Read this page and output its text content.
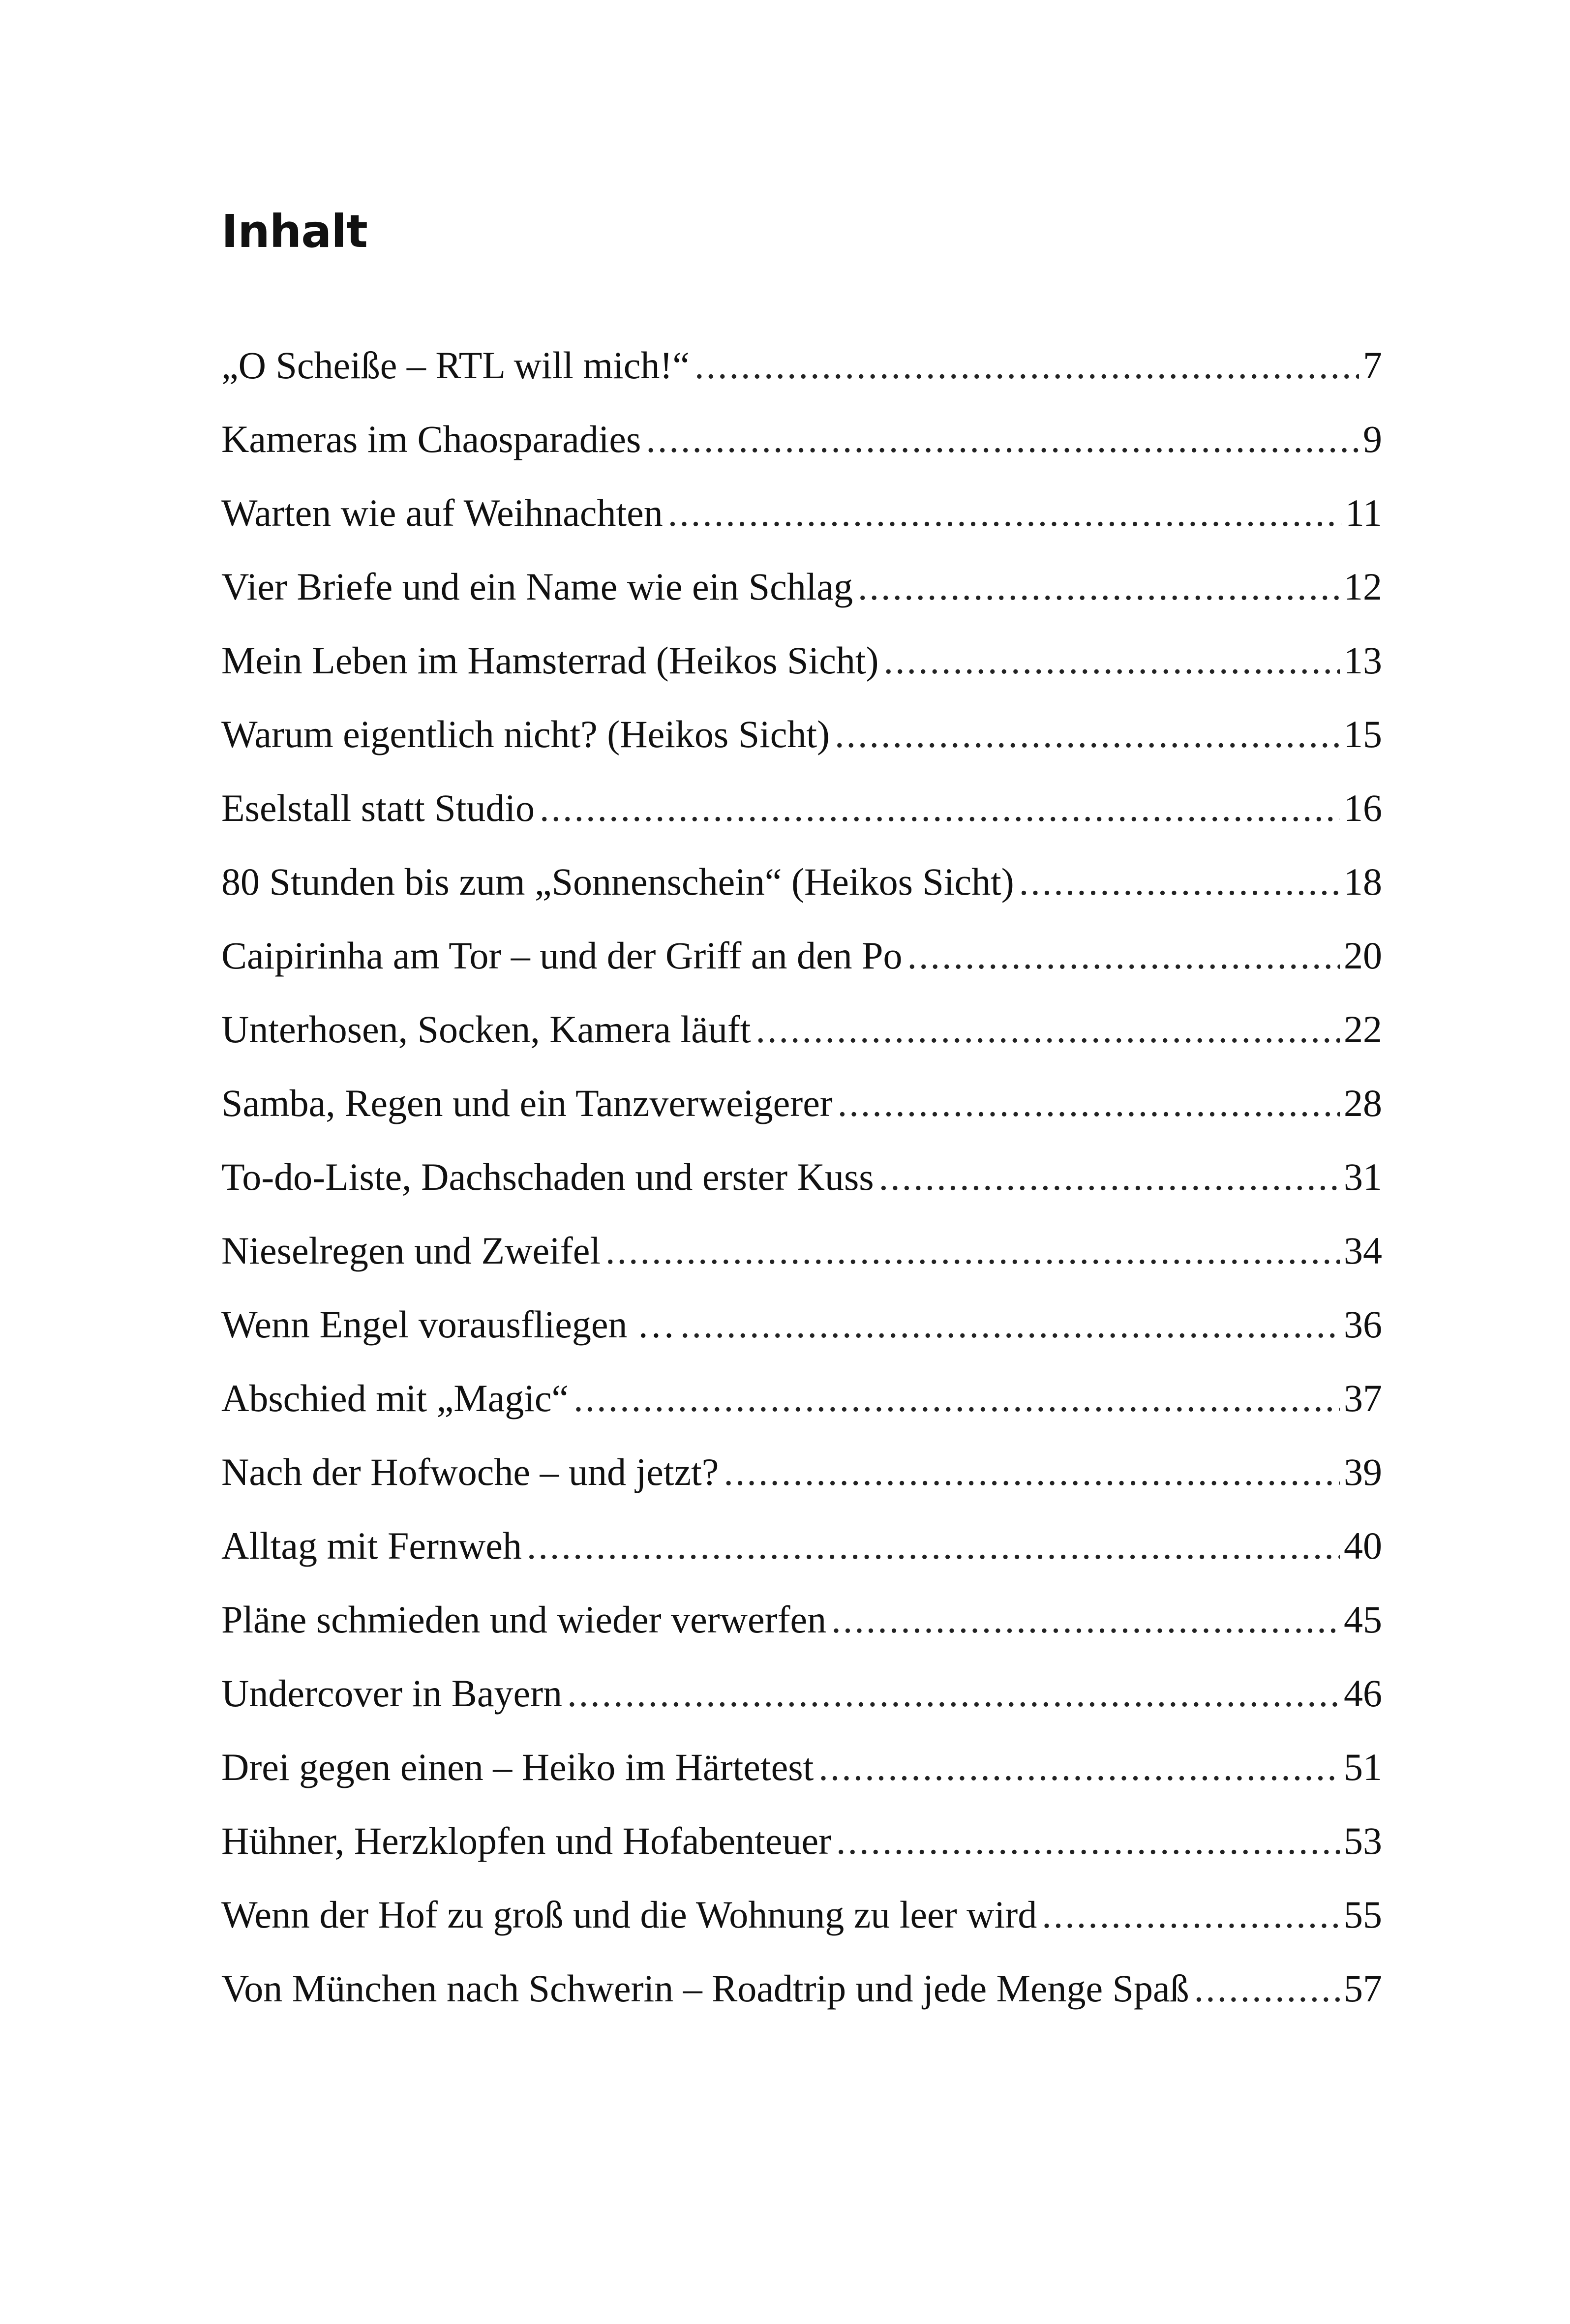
Inhalt
„O Scheiße – RTL will mich!“ .....	7
Kameras im Chaosparadies .....	9
Warten wie auf Weihnachten .....	11
Vier Briefe und ein Name wie ein Schlag .....	12
Mein Leben im Hamsterrad (Heikos Sicht) .....	13
Warum eigentlich nicht? (Heikos Sicht) .....	15
Eselstall statt Studio .....	16
80 Stunden bis zum „Sonnenschein“ (Heikos Sicht) .....	18
Caipirinha am Tor – und der Griff an den Po .....	20
Unterhosen, Socken, Kamera läuft .....	22
Samba, Regen und ein Tanzverweigerer .....	28
To-do-Liste, Dachschaden und erster Kuss .....	31
Nieselregen und Zweifel .....	34
Wenn Engel vorausfliegen … .....	36
Abschied mit „Magic“ .....	37
Nach der Hofwoche – und jetzt? .....	39
Alltag mit Fernweh .....	40
Pläne schmieden und wieder verwerfen .....	45
Undercover in Bayern .....	46
Drei gegen einen – Heiko im Härtetest .....	51
Hühner, Herzklopfen und Hofabenteuer .....	53
Wenn der Hof zu groß und die Wohnung zu leer wird .....	55
Von München nach Schwerin – Roadtrip und jede Menge Spaß .....	57
